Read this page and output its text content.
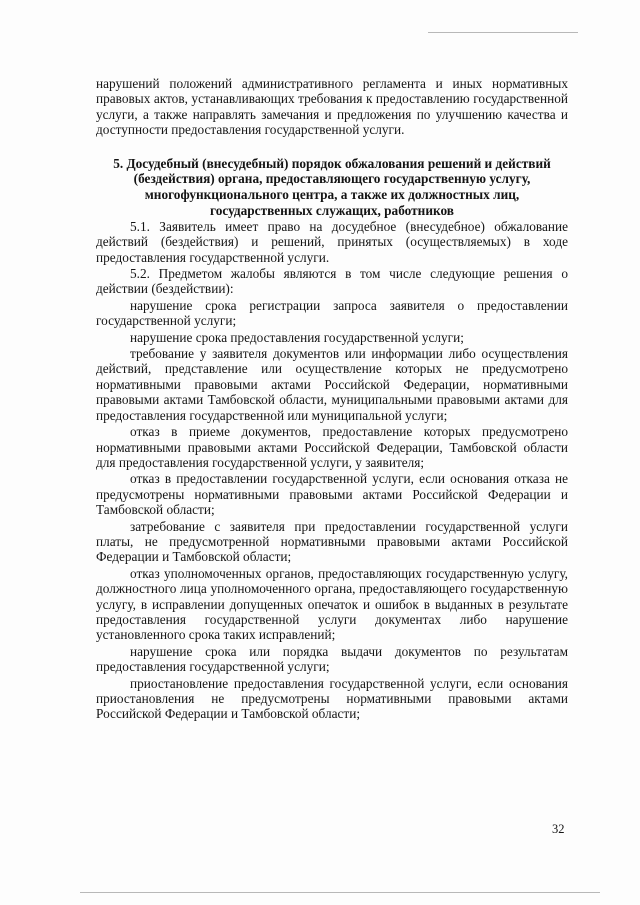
нарушений положений административного регламента и иных нормативных правовых актов, устанавливающих требования к предоставлению государственной услуги, а также направлять замечания и предложения по улучшению качества и доступности предоставления государственной услуги.

5. Досудебный (внесудебный) порядок обжалования решений и действий (бездействия) органа, предоставляющего государственную услугу, многофункционального центра, а также их должностных лиц, государственных служащих, работников

5.1. Заявитель имеет право на досудебное (внесудебное) обжалование действий (бездействия) и решений, принятых (осуществляемых) в ходе предоставления государственной услуги.

5.2. Предметом жалобы являются в том числе следующие решения о действии (бездействии):

нарушение срока регистрации запроса заявителя о предоставлении государственной услуги;

нарушение срока предоставления государственной услуги;

требование у заявителя документов или информации либо осуществления действий, представление или осуществление которых не предусмотрено нормативными правовыми актами Российской Федерации, нормативными правовыми актами Тамбовской области, муниципальными правовыми актами для предоставления государственной или муниципальной услуги;

отказ в приеме документов, предоставление которых предусмотрено нормативными правовыми актами Российской Федерации, Тамбовской области для предоставления государственной услуги, у заявителя;

отказ в предоставлении государственной услуги, если основания отказа не предусмотрены нормативными правовыми актами Российской Федерации и Тамбовской области;

затребование с заявителя при предоставлении государственной услуги платы, не предусмотренной нормативными правовыми актами Российской Федерации и Тамбовской области;

отказ уполномоченных органов, предоставляющих государственную услугу, должностного лица уполномоченного органа, предоставляющего государственную услугу, в исправлении допущенных опечаток и ошибок в выданных в результате предоставления государственной услуги документах либо нарушение установленного срока таких исправлений;

нарушение срока или порядка выдачи документов по результатам предоставления государственной услуги;

приостановление предоставления государственной услуги, если основания приостановления не предусмотрены нормативными правовыми актами Российской Федерации и Тамбовской области;

32
